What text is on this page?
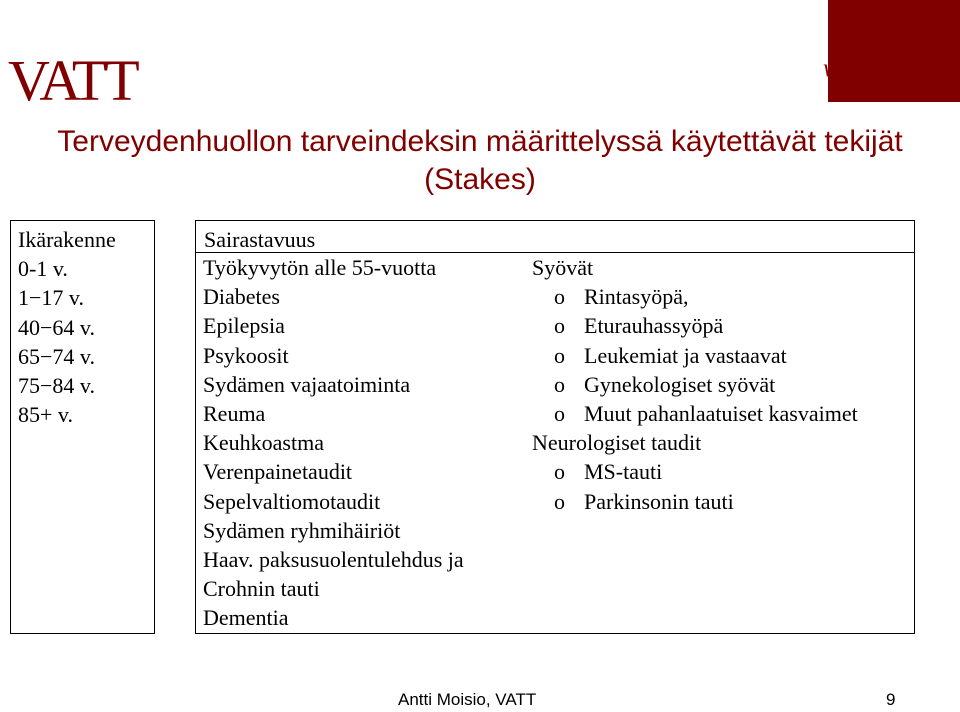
VATT	www.vatt.fi
Terveydenhuollon tarveindeksin määrittelyssä käytettävät tekijät
(Stakes)
Ikärakenne
0-1 v.
1−17 v.
40−64 v.
65−74 v.
75−84 v.
85+ v.
Sairastavuus
Työkyvytön alle 55-vuotta
Diabetes
Epilepsia
Psykoosit
Sydämen vajaatoiminta
Reuma
Keuhkoastma
Verenpainetaudit
Sepelvaltiomotaudit
Sydämen ryhmihäiriöt
Haav. paksusuolentulehdus ja
Crohnin tauti
Dementia
Syövät
o Rintasyöpä,
o Eturauhassyöpä
o Leukemiat ja vastaavat
o Gynekologiset syövät
o Muut pahanlaatuiset kasvaimet
Neurologiset taudit
o MS-tauti
o Parkinsonin tauti
Antti Moisio, VATT	9
